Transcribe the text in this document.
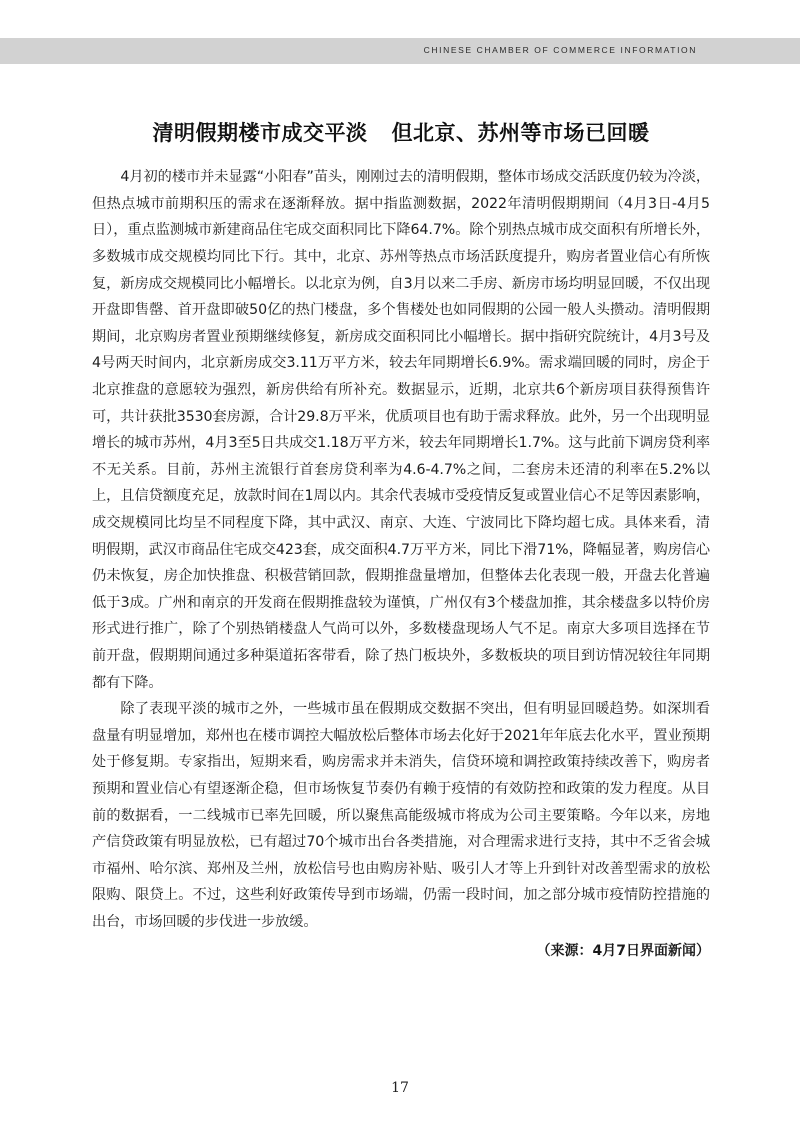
CHINESE CHAMBER OF COMMERCE INFORMATION
清明假期楼市成交平淡 但北京、苏州等市场已回暖

4月初的楼市并未显露“小阳春”苗头，刚刚过去的清明假期，整体市场成交活跃度仍较为冷淡，但热点城市前期积压的需求在逐渐释放。据中指监测数据，2022年清明假期期间（4月3日-4月5日），重点监测城市新建商品住宅成交面积同比下降64.7%。除个别热点城市成交面积有所增长外，多数城市成交规模均同比下行。其中，北京、苏州等热点市场活跃度提升，购房者置业信心有所恢复，新房成交规模同比小幅增长。以北京为例，自3月以来二手房、新房市场均明显回暖，不仅出现开盘即售罄、首开盘即破50亿的热门楼盘，多个售楼处也如同假期的公园一般人头攒动。清明假期期间，北京购房者置业预期继续修复，新房成交面积同比小幅增长。据中指研究院统计，4月3号及4号两天时间内，北京新房成交3.11万平方米，较去年同期增长6.9%。需求端回暖的同时，房企于北京推盘的意愿较为强烈，新房供给有所补充。数据显示，近期，北京共6个新房项目获得预售许可，共计获批3530套房源，合计29.8万平米，优质项目也有助于需求释放。此外，另一个出现明显增长的城市苏州，4月3至5日共成交1.18万平方米，较去年同期增长1.7%。这与此前下调房贷利率不无关系。目前，苏州主流银行首套房贷利率为4.6-4.7%之间，二套房未还清的利率在5.2%以上，且信贷额度充足，放款时间在1周以内。其余代表城市受疫情反复或置业信心不足等因素影响，成交规模同比均呈不同程度下降，其中武汉、南京、大连、宁波同比下降均超七成。具体来看，清明假期，武汉市商品住宅成交423套，成交面积4.7万平方米，同比下滑71%，降幅显著，购房信心仍未恢复，房企加快推盘、积极营销回款，假期推盘量增加，但整体去化表现一般，开盘去化普遍低于3成。广州和南京的开发商在假期推盘较为谨慎，广州仅有3个楼盘加推，其余楼盘多以特价房形式进行推广，除了个别热销楼盘人气尚可以外，多数楼盘现场人气不足。南京大多项目选择在节前开盘，假期期间通过多种渠道拓客带看，除了热门板块外，多数板块的项目到访情况较往年同期都有下降。

除了表现平淡的城市之外，一些城市虽在假期成交数据不突出，但有明显回暖趋势。如深圳看盘量有明显增加，郑州也在楼市调控大幅放松后整体市场去化好于2021年年底去化水平，置业预期处于修复期。专家指出，短期来看，购房需求并未消失，信贷环境和调控政策持续改善下，购房者预期和置业信心有望逐渐企稳，但市场恢复节奏仍有赖于疫情的有效防控和政策的发力程度。从目前的数据看，一二线城市已率先回暖，所以聚焦高能级城市将成为公司主要策略。今年以来，房地产信贷政策有明显放松，已有超过70个城市出台各类措施，对合理需求进行支持，其中不乏省会城市福州、哈尔滨、郑州及兰州，放松信号也由购房补贴、吸引人才等上升到针对改善型需求的放松限购、限贷上。不过，这些利好政策传导到市场端，仍需一段时间，加之部分城市疫情防控措施的出台，市场回暖的步伐进一步放缓。

（来源：4月7日界面新闻）

17
